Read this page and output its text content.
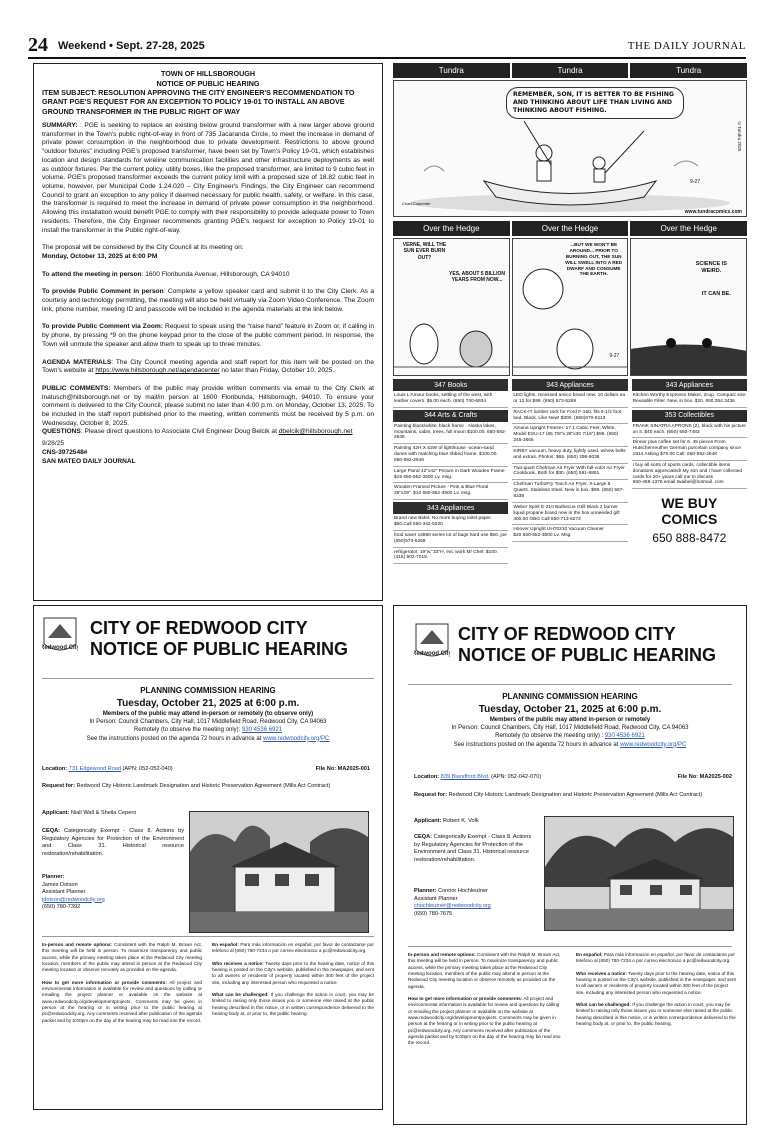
24 Weekend • Sept. 27-28, 2025	THE DAILY JOURNAL
TOWN OF HILLSBOROUGH
NOTICE OF PUBLIC HEARING
ITEM SUBJECT: RESOLUTION APPROVING THE CITY ENGINEER'S RECOMMENDATION TO GRANT PGE'S REQUEST FOR AN EXCEPTION TO POLICY 19-01 TO INSTALL AN ABOVE GROUND TRANSFORMER IN THE PUBLIC RIGHT OF WAY

SUMMARY: : PGE is seeking to replace an existing below ground transformer with a new larger above ground transformer in the Town's public right-of-way in front of 735 Jacaranda Circle, to meet the increase in demand of private power consumption in the neighborhood due to private development. Restrictions to above ground “outdoor fixtures” including PGE's proposed transformer, have been set by Town's Policy 19-01, which establishes location and design standards for wireline communication facilities and other infrastructure deployments as well as outdoor fixtures. Per the current policy, utility boxes, like the proposed transformer, are limited to 9 cubic feet in volume. PGE's proposed transformer exceeds the current policy limit with a proposed size of 18.82 cubic feet in volume, however, per Municipal Code 1.24.020 – City Engineer's Findings, the City Engineer can recommend Council to grant an exception to any policy if deemed necessary for public health, safety, or welfare. In this case, the transformer is required to meet the increase in demand of private power consumption in the neighborhood. Allowing this installation would benefit PGE to comply with their responsibility to provide adequate power to Town residents. Therefore, the City Engineer recommends granting PGE's request for exception to Policy 19-01 to install the transformer in the Public right-of-way.

The proposal will be considered by the City Council at its meeting on:
Monday, October 13, 2025 at 6:00 PM

To attend the meeting in person: 1600 Floribunda Avenue, Hillsborough, CA 94010

To provide Public Comment in person: Complete a yellow speaker card and submit it to the City Clerk. As a courtesy and technology permitting, the meeting will also be held virtually via Zoom Video Conference. The Zoom link, phone number, meeting ID and passcode will be included in the agenda materials at the link below.

To provide Public Comment via Zoom: Request to speak using the “raise hand” feature in Zoom or, if calling in by phone, by pressing *9 on the phone keypad prior to the close of the public comment period. In response, the Town will unmute the speaker and allow them to speak up to three minutes.

AGENDA MATERIALS: The City Council meeting agenda and staff report for this item will be posted on the Town's website at https://www.hillsborough.net/agendacenter no later than Friday, October 10, 2025.

PUBLIC COMMENTS: Members of the public may provide written comments via email to the City Clerk at lnatusch@hillsborough.net or by mail/in person at 1600 Floribunda, Hillsborough, 94010. To ensure your comment is delivered to the City Council, please submit no later than 4:00 p.m. on Monday, October 13, 2025. To be included in the staff report published prior to the meeting, written comments must be received by 5 p.m. on Wednesday, October 8, 2025.
QUESTIONS: Please direct questions to Associate Civil Engineer Doug Belcik at dbelcik@hillsborough.net

9/28/25
CNS-3972548#
SAN MATEO DAILY JOURNAL
Tundra	Tundra	Tundra
REMEMBER, SON, IT IS BETTER TO BE FISHING AND THINKING ABOUT LIFE THAN LIVING AND THINKING ABOUT FISHING.
9-27
©Tundra 2025
Chad Carpenter
www.tundracomics.com
Over the Hedge	Over the Hedge	Over the Hedge
VERNE, WILL THE SUN EVER BURN OUT?
YES, ABOUT 5 BILLION YEARS FROM NOW...
...BUT WE WON'T BE AROUND... PRIOR TO BURNING OUT, THE SUN WILL SWELL INTO A RED DWARF AND CONSUME THE EARTH.
9-27
SCIENCE IS WEIRD.
IT CAN BE.
347 Books
Louis L'Amour books, settling of the west, with leather covers. $5.00 each. (650) 740-6934
344 Arts & Crafts
Painting black/white, black frame . Alaska lakes, mountains, cabin, trees, full moon $100.00. 650-592-2648
Painting 42H X 53W of lighthouse -ocean-sand dunes with matching blue ribbed frame. $100.00. 650-592-2648
Large Floral 42"x42" Picture in Dark Wooden Frame $15 650-952-3500 Lv. msg.
Wooden Framed Picture - Pink & Blue Floral 35"x29". $10 650-952-3500 Lv. msg.
343 Appliances
Brand new Bidet. No more buying toilet paper. $50.Call 650-342-5220
food saver v3880 series lot of bags hard use $50. joe (650)573-5269
refrigerator, 19"w,"33"H, exc work M/ Chef. $100. (415) 902-7015.
343 Appliances
LED lights, recessed amico brand new. 10 dollars ea or 12 for $99. (650) 573-5269
RACK-IT lumber rack for Ford F-150, fits 6-1/2 foot bed. Black. Like New! $300. (650)670-8113
Amana Upright Freezer. 17.1 Cubic Feet, White, Model ESU-17 (65 7/8"x 28"x30 7/16") $99. (650) 245-3665
KIRBY vacuum, heavy duty, lightly used, w/new belts and extras. Photos. $65. (650) 298-9036
Two-quart Chefman Air Fryer With full-color Air Fryer Cookbook. Both for $30. (650) 591-8851
Chefman TurboFry Touch Air Fryer, X-Large 8 Quarts. Stainless Steel. New in box. $69. (650) 587-8339
Weber Spirit E-210 Barbecue Grill Black 2 burner liquid propane brand new in the box unneeded gift 400.00 OBO Call 650-713-6272
Hoover Upright UH70210 Vacuum Cleaner
$20 650-952-3500 Lv. Msg.
343 Appliances
Kitchen Worthy Expresso Maker, 2cup. Compact size Reusable Filter. New, in box. $20. 650.364.3436
353 Collectibles
FRANK SINATRA APRONS (2), black with his picture on it. $40 each. (650) 592-7483
Dinner plus coffee set for 6. 45 pieces From Hutschenreuther German porcelain company since 1814 Asking $75.00 Call: 650-592-2648
I buy all sorts of sports cards, collectible items donations appreciated! My son and I have collected cards for 20+ years call me to discuss
650-458-1376 email twaibel@hotmail. com
WE BUY
COMICS
650 888-8472
Redwood City
CITY OF REDWOOD CITY
NOTICE OF PUBLIC HEARING
PLANNING COMMISSION HEARING
Tuesday, October 21, 2025 at 6:00 p.m.
Members of the public may attend in-person or remotely (to observe only)
In Person: Council Chambers, City Hall, 1017 Middlefield Road, Redwood City, CA 94063
Remotely (to observe the meeting only): 930 4536 6921
See the instructions posted on the agenda 72 hours in advance at www.redwoodcity.org/PC
Location: 731 Edgewood Road (APN: 052-052-040)	File No: MA2025-001
Request for: Redwood City Historic Landmark Designation and Historic Preservation Agreement (Mills Act Contract)
Applicant: Niall Wall & Sheila Cepero
CEQA: Categorically Exempt - Class 8. Actions by Regulatory Agencies for Protection of the Environment and Class 31. Historical resource restoration/rehabilitation.
Planner:
James Dotson
Assistant Planner
jdotson@redwoodcity.org
(650) 780-7392
In-person and remote options: Consistent with the Ralph M. Brown Act, this meeting will be held in person. To maximize transparency and public access, while the primary meeting takes place at the Redwood City meeting location, members of the public may attend in person at the Redwood City meeting location or observe remotely as provided on the agenda.
How to get more information or provide comments: All project and environmental information is available for review and questions by calling or emailing the project planner or available on the website at www.redwoodcity.org/developmentprojects. Comments may be given in person at the hearing or in writing prior to the public hearing at pc@redwoodcity.org. Any comments received after publication of the agenda packet and by 5:00pm on the day of the hearing may be read into the record.
En español: Para más información en español, por favor de contactarse por telefono al (650) 780-7234 o por correo electronico a pc@redwoodcity.org.
Who receives a notice: Twenty days prior to the hearing date, notice of this hearing is posted on the City's website, published in the newspaper, and sent to all owners or residents of property located within 300 feet of the project site, including any interested person who requested a notice.
What can be challenged: If you challenge the action in court, you may be limited to raising only those issues you or someone else raised at the public hearing described in this notice, or in written correspondence delivered to the hearing body at, or prior to, the public hearing.
Redwood City
CITY OF REDWOOD CITY
NOTICE OF PUBLIC HEARING
PLANNING COMMISSION HEARING
Tuesday, October 21, 2025 at 6:00 p.m.
Members of the public may attend in-person or remotely
In Person: Council Chambers, City Hall, 1017 Middlefield Road, Redwood City, CA 94063
Remotely (to observe the meeting only) : 930 4536 6921
See instructions posted on the agenda 72 hours in advance at www.redwoodcity.org/PC
Location: 839 Blandford Blvd. (APN: 052-042-070)	File No: MA2025-002
Request for: Redwood City Historic Landmark Designation and Historic Preservation Agreement (Mills Act Contract)
Applicant: Robert K. Volk
CEQA: Categorically Exempt - Class 8. Actions by Regulatory Agencies for Protection of the Environment and Class 31. Historical resource restoration/rehabilitation.
Planner: Connor Hochleutner
Assistant Planner
chochleutner@redwoodcity.org
(650) 780-7675
In-person and remote options: Consistent with the Ralph M. Brown Act, this meeting will be held in person. To maximize transparency and public access, while the primary meeting takes place at the Redwood City meeting location, members of the public may attend in person at the Redwood City meeting location or observe remotely as provided on the agenda.
How to get more information or provide comments: All project and environmental information is available for review and questions by calling or emailing the project planner or available on the website at www.redwoodcity.org/developmentprojects. Comments may be given in person at the hearing or in writing prior to the public hearing at pc@redwoodcity.org. Any comments received after publication of the agenda packet and by 5:00pm on the day of the hearing may be read into the record.
En español: Para más información en español, por favor de contactarse por telefono al (650) 780-7234 o por correo electronico a pc@redwoodcity.org.
Who receives a notice: Twenty days prior to the hearing date, notice of this hearing is posted on the City's website, published in the newspaper, and sent to all owners or residents of property located within 300 feet of the project site, including any interested person who requested a notice.
What can be challenged: If you challenge the action in court, you may be limited to raising only those issues you or someone else raised at the public hearing described in this notice, or in written correspondence delivered to the hearing body at, or prior to, the public hearing.
